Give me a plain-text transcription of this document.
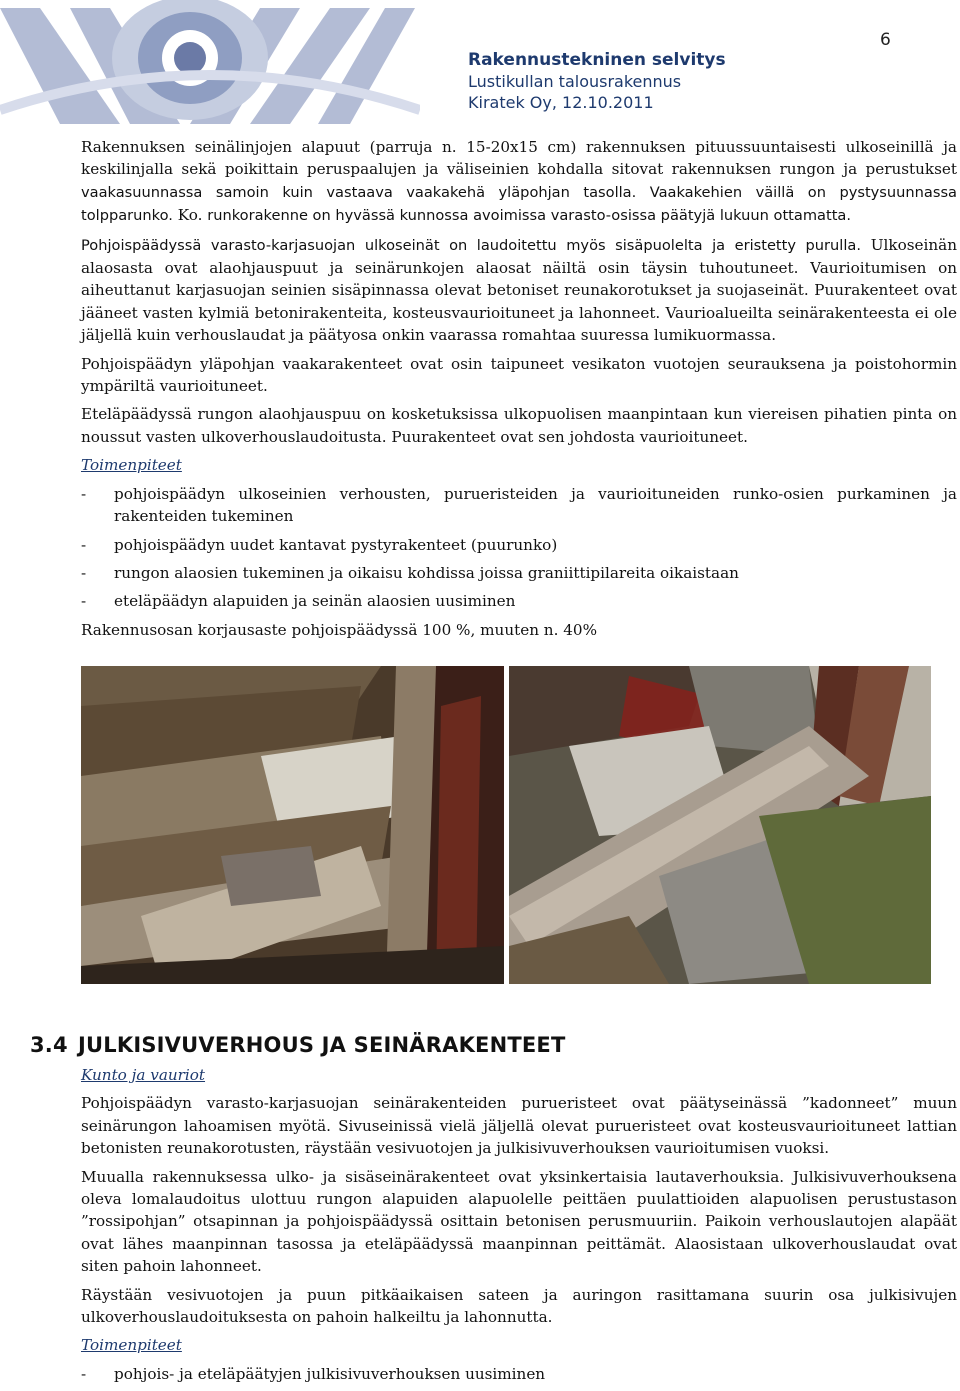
6
Rakennustekninen selvitys
Lustikullan talousrakennus
Kiratek Oy, 12.10.2011

Rakennuksen seinälinjojen alapuut (parruja n. 15-20x15 cm) rakennuksen pituussuuntaisesti ulkoseinillä ja keskilinjalla sekä poikittain peruspaalujen ja väliseinien kohdalla sitovat rakennuksen rungon ja perustukset vaakasuunnassa samoin kuin vastaava vaakakehä yläpohjan tasolla. Vaakakehien väillä on pystysuunnassa tolpparunko. Ko. runkorakenne on hyvässä kunnossa avoimissa varasto-osissa päätyjä lukuun ottamatta.

Pohjoispäädyssä varasto-karjasuojan ulkoseinät on laudoitettu myös sisäpuolelta ja eristetty purulla. Ulkoseinän alaosasta ovat alaohjauspuut ja seinärunkojen alaosat näiltä osin täysin tuhoutuneet. Vaurioitumisen on aiheuttanut karjasuojan seinien sisäpinnassa olevat betoniset reunakorotukset ja suojaseinät. Puurakenteet ovat jääneet vasten kylmiä betonirakenteita, kosteusvaurioituneet ja lahonneet. Vaurioalueilta seinärakenteesta ei ole jäljellä kuin verhouslaudat ja päätyosa onkin vaarassa romahtaa suuressa lumikuormassa.

Pohjoispäädyn yläpohjan vaakarakenteet ovat osin taipuneet vesikaton vuotojen seurauksena ja poistohormin ympäriltä vaurioituneet.

Eteläpäädyssä rungon alaohjauspuu on kosketuksissa ulkopuolisen maanpintaan kun viereisen pihatien pinta on noussut vasten ulkoverhouslaudoitusta. Puurakenteet ovat sen johdosta vaurioituneet.

Toimenpiteet

- pohjoispäädyn ulkoseinien verhousten, purueristeiden ja vaurioituneiden runko-osien purkaminen ja rakenteiden tukeminen
- pohjoispäädyn uudet kantavat pystyrakenteet (puurunko)
- rungon alaosien tukeminen ja oikaisu kohdissa joissa graniittipilareita oikaistaan
- eteläpäädyn alapuiden ja seinän alaosien uusiminen

Rakennusosan korjausaste pohjoispäädyssä 100 %, muuten n. 40%

3.4 JULKISIVUVERHOUS JA SEINÄRAKENTEET

Kunto ja vauriot

Pohjoispäädyn varasto-karjasuojan seinärakenteiden purueristeet ovat päätyseinässä ”kadonneet” muun seinärungon lahoamisen myötä. Sivuseinissä vielä jäljellä olevat purueristeet ovat kosteusvaurioituneet lattian betonisten reunakorotusten, räystään vesivuotojen ja julkisivuverhouksen vaurioitumisen vuoksi.

Muualla rakennuksessa ulko- ja sisäseinärakenteet ovat yksinkertaisia lautaverhouksia. Julkisivuverhouksena oleva lomalaudoitus ulottuu rungon alapuiden alapuolelle peittäen puulattioiden alapuolisen perustustason ”rossipohjan” otsapinnan ja pohjoispäädyssä osittain betonisen perusmuuriin. Paikoin verhouslautojen alapäät ovat lähes maanpinnan tasossa ja eteläpäädyssä maanpinnan peittämät. Alaosistaan ulkoverhouslaudat ovat siten pahoin lahonneet.

Räystään vesivuotojen ja puun pitkäaikaisen sateen ja auringon rasittamana suurin osa julkisivujen ulkoverhouslaudoituksesta on pahoin halkeiltu ja lahonnutta.

Toimenpiteet

- pohjois- ja eteläpäätyjen julkisivuverhouksen uusiminen
